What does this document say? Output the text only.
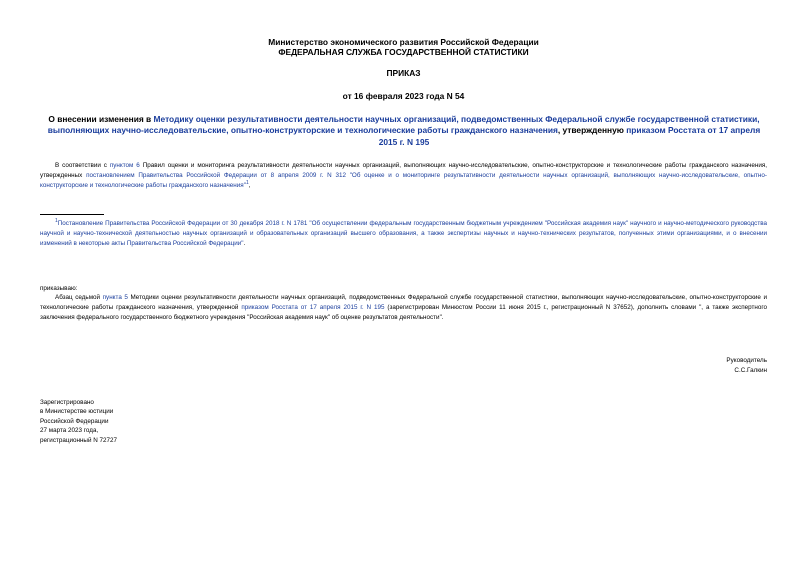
Министерство экономического развития Российской Федерации
ФЕДЕРАЛЬНАЯ СЛУЖБА ГОСУДАРСТВЕННОЙ СТАТИСТИКИ
ПРИКАЗ
от 16 февраля 2023 года N 54
О внесении изменения в Методику оценки результативности деятельности научных организаций, подведомственных Федеральной службе государственной статистики, выполняющих научно-исследовательские, опытно-конструкторские и технологические работы гражданского назначения, утвержденную приказом Росстата от 17 апреля 2015 г. N 195
В соответствии с пунктом 6 Правил оценки и мониторинга результативности деятельности научных организаций, выполняющих научно-исследовательские, опытно-конструкторские и технологические работы гражданского назначения, утвержденных постановлением Правительства Российской Федерации от 8 апреля 2009 г. N 312 "Об оценке и о мониторинге результативности деятельности научных организаций, выполняющих научно-исследовательские, опытно-конструкторские и технологические работы гражданского назначения"$^1$,
$^1$Постановление Правительства Российской Федерации от 30 декабря 2018 г. N 1781 "Об осуществлении федеральным государственным бюджетным учреждением "Российская академия наук" научного и научно-методического руководства научной и научно-технической деятельностью научных организаций и образовательных организаций высшего образования, а также экспертизы научных и научно-технических результатов, полученных этими организациями, и о внесении изменений в некоторые акты Правительства Российской Федерации".
приказываю:
Абзац седьмой пункта 5 Методики оценки результативности деятельности научных организаций, подведомственных Федеральной службе государственной статистики, выполняющих научно-исследовательские, опытно-конструкторские и технологические работы гражданского назначения, утвержденной приказом Росстата от 17 апреля 2015 г. N 195 (зарегистрирован Минюстом России 11 июня 2015 г., регистрационный N 37652), дополнить словами ", а также экспертного заключения федерального государственного бюджетного учреждения "Российская академия наук" об оценке результатов деятельности".
Руководитель
С.С.Галкин
Зарегистрировано
в Министерстве юстиции
Российской Федерации
27 марта 2023 года,
регистрационный N 72727
